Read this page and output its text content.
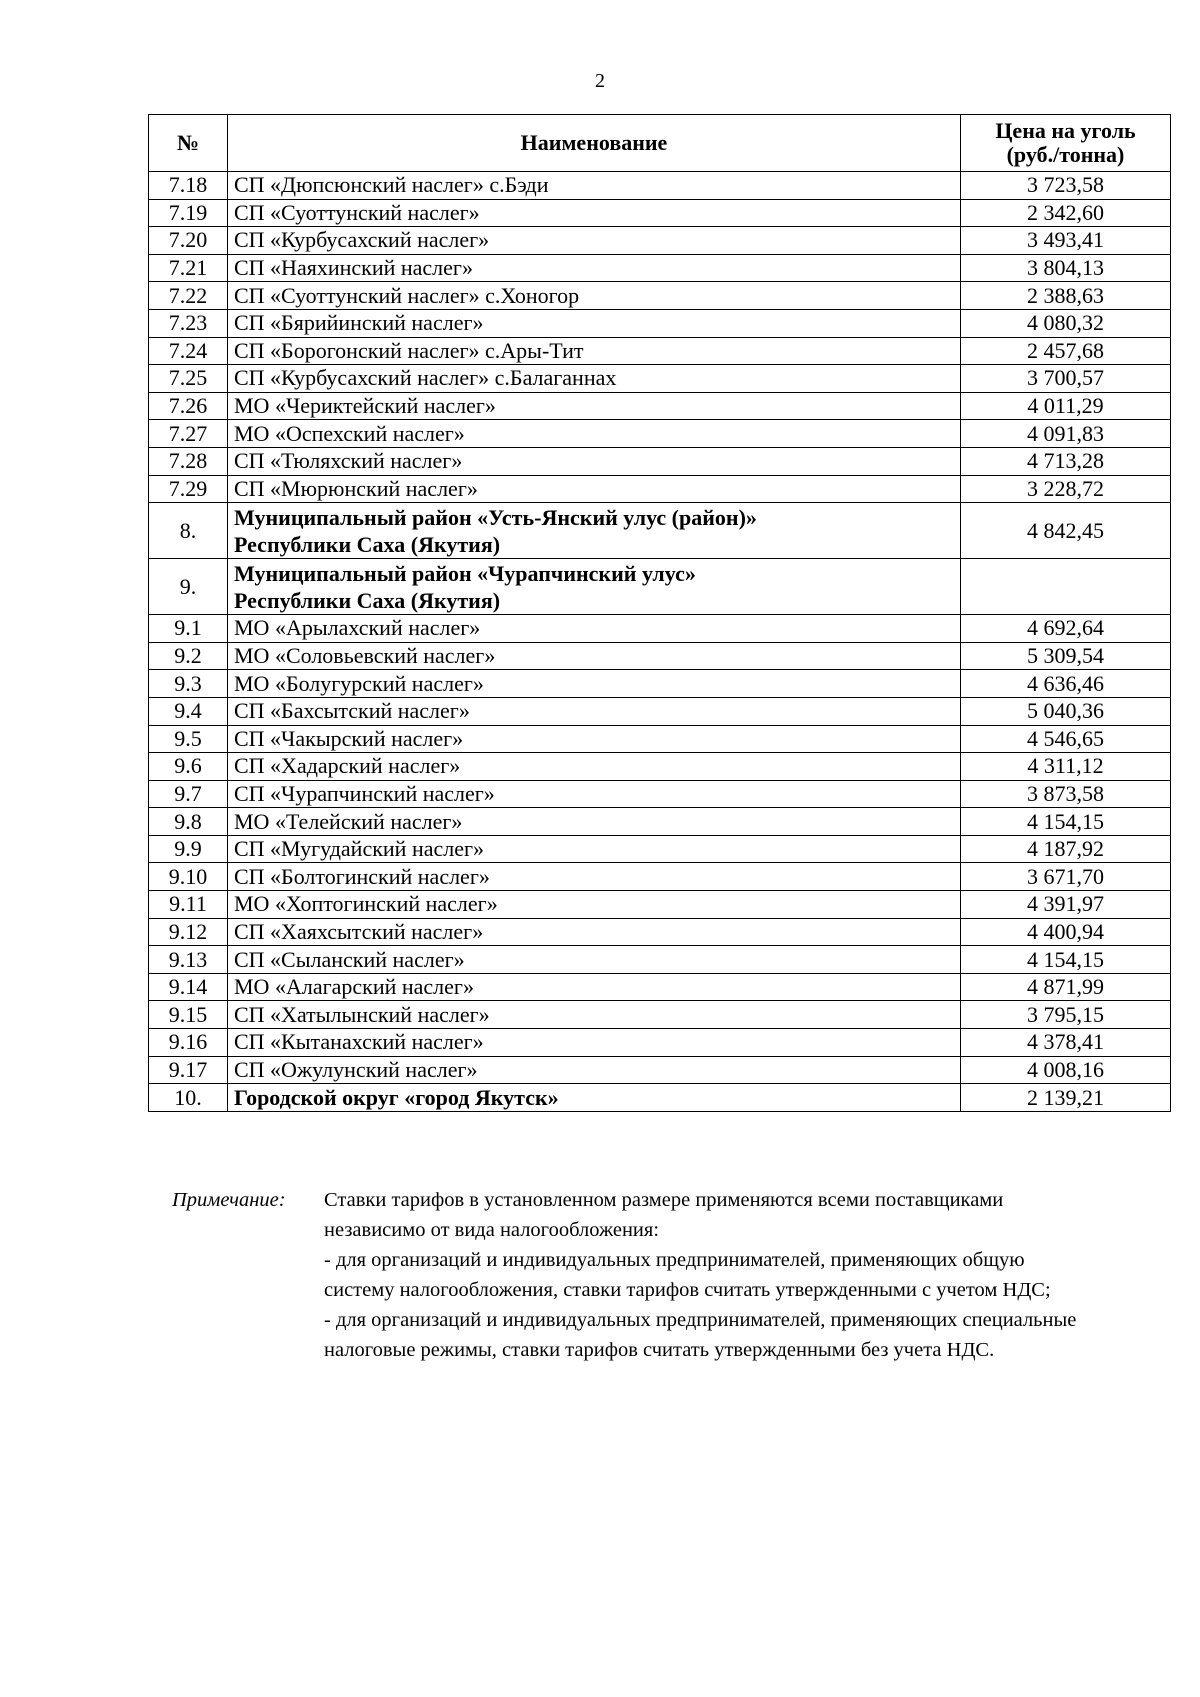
2
№	Наименование	Цена на уголь
(руб./тонна)
7.18	СП «Дюпсюнский наслег» с.Бэди	3 723,58
7.19	СП «Суоттунский наслег»	2 342,60
7.20	СП «Курбусахский наслег»	3 493,41
7.21	СП «Наяхинский наслег»	3 804,13
7.22	СП «Суоттунский наслег» с.Хоногор	2 388,63
7.23	СП «Бярийинский наслег»	4 080,32
7.24	СП «Борогонский наслег» с.Ары-Тит	2 457,68
7.25	СП «Курбусахский наслег» с.Балаганнах	3 700,57
7.26	МО «Чериктейский наслег»	4 011,29
7.27	МО «Оспехский наслег»	4 091,83
7.28	СП «Тюляхский наслег»	4 713,28
7.29	СП «Мюрюнский наслег»	3 228,72
8.	Муниципальный район «Усть-Янский улус (район)»
Республики Саха (Якутия)	4 842,45
9.	Муниципальный район «Чурапчинский улус»
Республики Саха (Якутия)	
9.1	МО «Арылахский наслег»	4 692,64
9.2	МО «Соловьевский наслег»	5 309,54
9.3	МО «Болугурский наслег»	4 636,46
9.4	СП «Бахсытский наслег»	5 040,36
9.5	СП «Чакырский наслег»	4 546,65
9.6	СП «Хадарский наслег»	4 311,12
9.7	СП «Чурапчинский наслег»	3 873,58
9.8	МО «Телейский наслег»	4 154,15
9.9	СП «Мугудайский наслег»	4 187,92
9.10	СП «Болтогинский наслег»	3 671,70
9.11	МО «Хоптогинский наслег»	4 391,97
9.12	СП «Хаяхсытский наслег»	4 400,94
9.13	СП «Сыланский наслег»	4 154,15
9.14	МО «Алагарский наслег»	4 871,99
9.15	СП «Хатылынский наслег»	3 795,15
9.16	СП «Кытанахский наслег»	4 378,41
9.17	СП «Ожулунский наслег»	4 008,16
10.	Городской округ «город Якутск»	2 139,21
Примечание: Ставки тарифов в установленном размере применяются всеми поставщиками
независимо от вида налогообложения:
- для организаций и индивидуальных предпринимателей, применяющих общую
систему налогообложения, ставки тарифов считать утвержденными с учетом НДС;
- для организаций и индивидуальных предпринимателей, применяющих специальные
налоговые режимы, ставки тарифов считать утвержденными без учета НДС.
